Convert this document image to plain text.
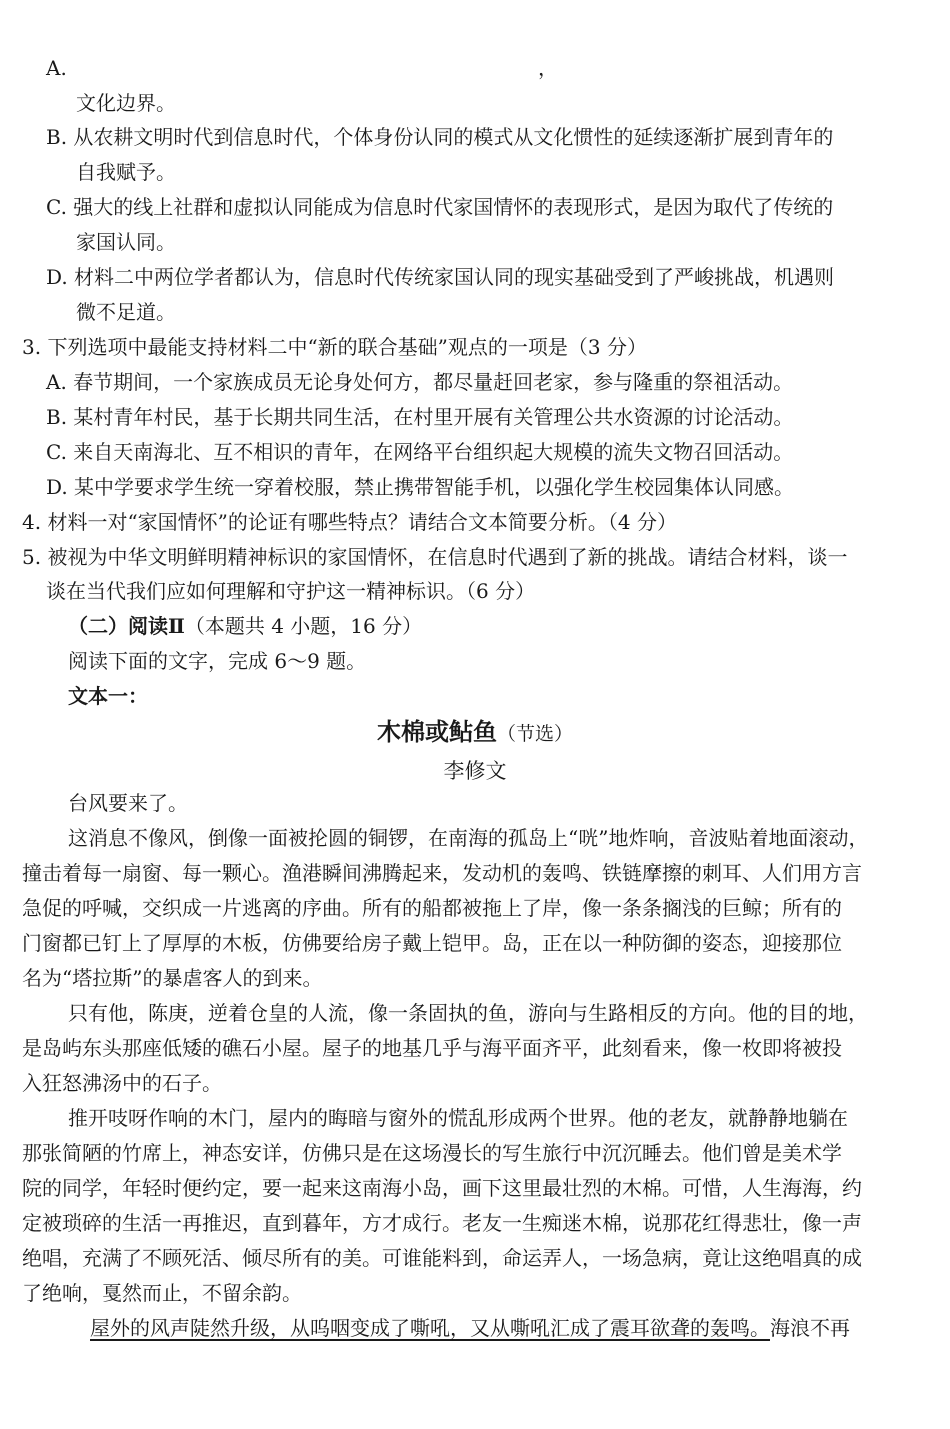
A.	，
文化边界。
B. 从农耕文明时代到信息时代，个体身份认同的模式从文化惯性的延续逐渐扩展到青年的
自我赋予。
C. 强大的线上社群和虚拟认同能成为信息时代家国情怀的表现形式，是因为取代了传统的
家国认同。
D. 材料二中两位学者都认为，信息时代传统家国认同的现实基础受到了严峻挑战，机遇则
微不足道。
3. 下列选项中最能支持材料二中“新的联合基础”观点的一项是（3 分）
A. 春节期间，一个家族成员无论身处何方，都尽量赶回老家，参与隆重的祭祖活动。
B. 某村青年村民，基于长期共同生活，在村里开展有关管理公共水资源的讨论活动。
C. 来自天南海北、互不相识的青年，在网络平台组织起大规模的流失文物召回活动。
D. 某中学要求学生统一穿着校服，禁止携带智能手机，以强化学生校园集体认同感。
4. 材料一对“家国情怀”的论证有哪些特点？请结合文本简要分析。（4 分）
5. 被视为中华文明鲜明精神标识的家国情怀，在信息时代遇到了新的挑战。请结合材料，谈一
谈在当代我们应如何理解和守护这一精神标识。（6 分）
（二）阅读Ⅱ（本题共 4 小题，16 分）
阅读下面的文字，完成 6～9 题。
文本一：
木棉或鲇鱼（节选）
李修文
台风要来了。
这消息不像风，倒像一面被抡圆的铜锣，在南海的孤岛上“咣”地炸响，音波贴着地面滚动，
撞击着每一扇窗、每一颗心。渔港瞬间沸腾起来，发动机的轰鸣、铁链摩擦的刺耳、人们用方言
急促的呼喊，交织成一片逃离的序曲。所有的船都被拖上了岸，像一条条搁浅的巨鲸；所有的
门窗都已钉上了厚厚的木板，仿佛要给房子戴上铠甲。岛，正在以一种防御的姿态，迎接那位
名为“塔拉斯”的暴虐客人的到来。
只有他，陈庚，逆着仓皇的人流，像一条固执的鱼，游向与生路相反的方向。他的目的地，
是岛屿东头那座低矮的礁石小屋。屋子的地基几乎与海平面齐平，此刻看来，像一枚即将被投
入狂怒沸汤中的石子。
推开吱呀作响的木门，屋内的晦暗与窗外的慌乱形成两个世界。他的老友，就静静地躺在
那张简陋的竹席上，神态安详，仿佛只是在这场漫长的写生旅行中沉沉睡去。他们曾是美术学
院的同学，年轻时便约定，要一起来这南海小岛，画下这里最壮烈的木棉。可惜，人生海海，约
定被琐碎的生活一再推迟，直到暮年，方才成行。老友一生痴迷木棉，说那花红得悲壮，像一声
绝唱，充满了不顾死活、倾尽所有的美。可谁能料到，命运弄人，一场急病，竟让这绝唱真的成
了绝响，戛然而止，不留余韵。
屋外的风声陡然升级，从呜咽变成了嘶吼，又从嘶吼汇成了震耳欲聋的轰鸣。海浪不再
